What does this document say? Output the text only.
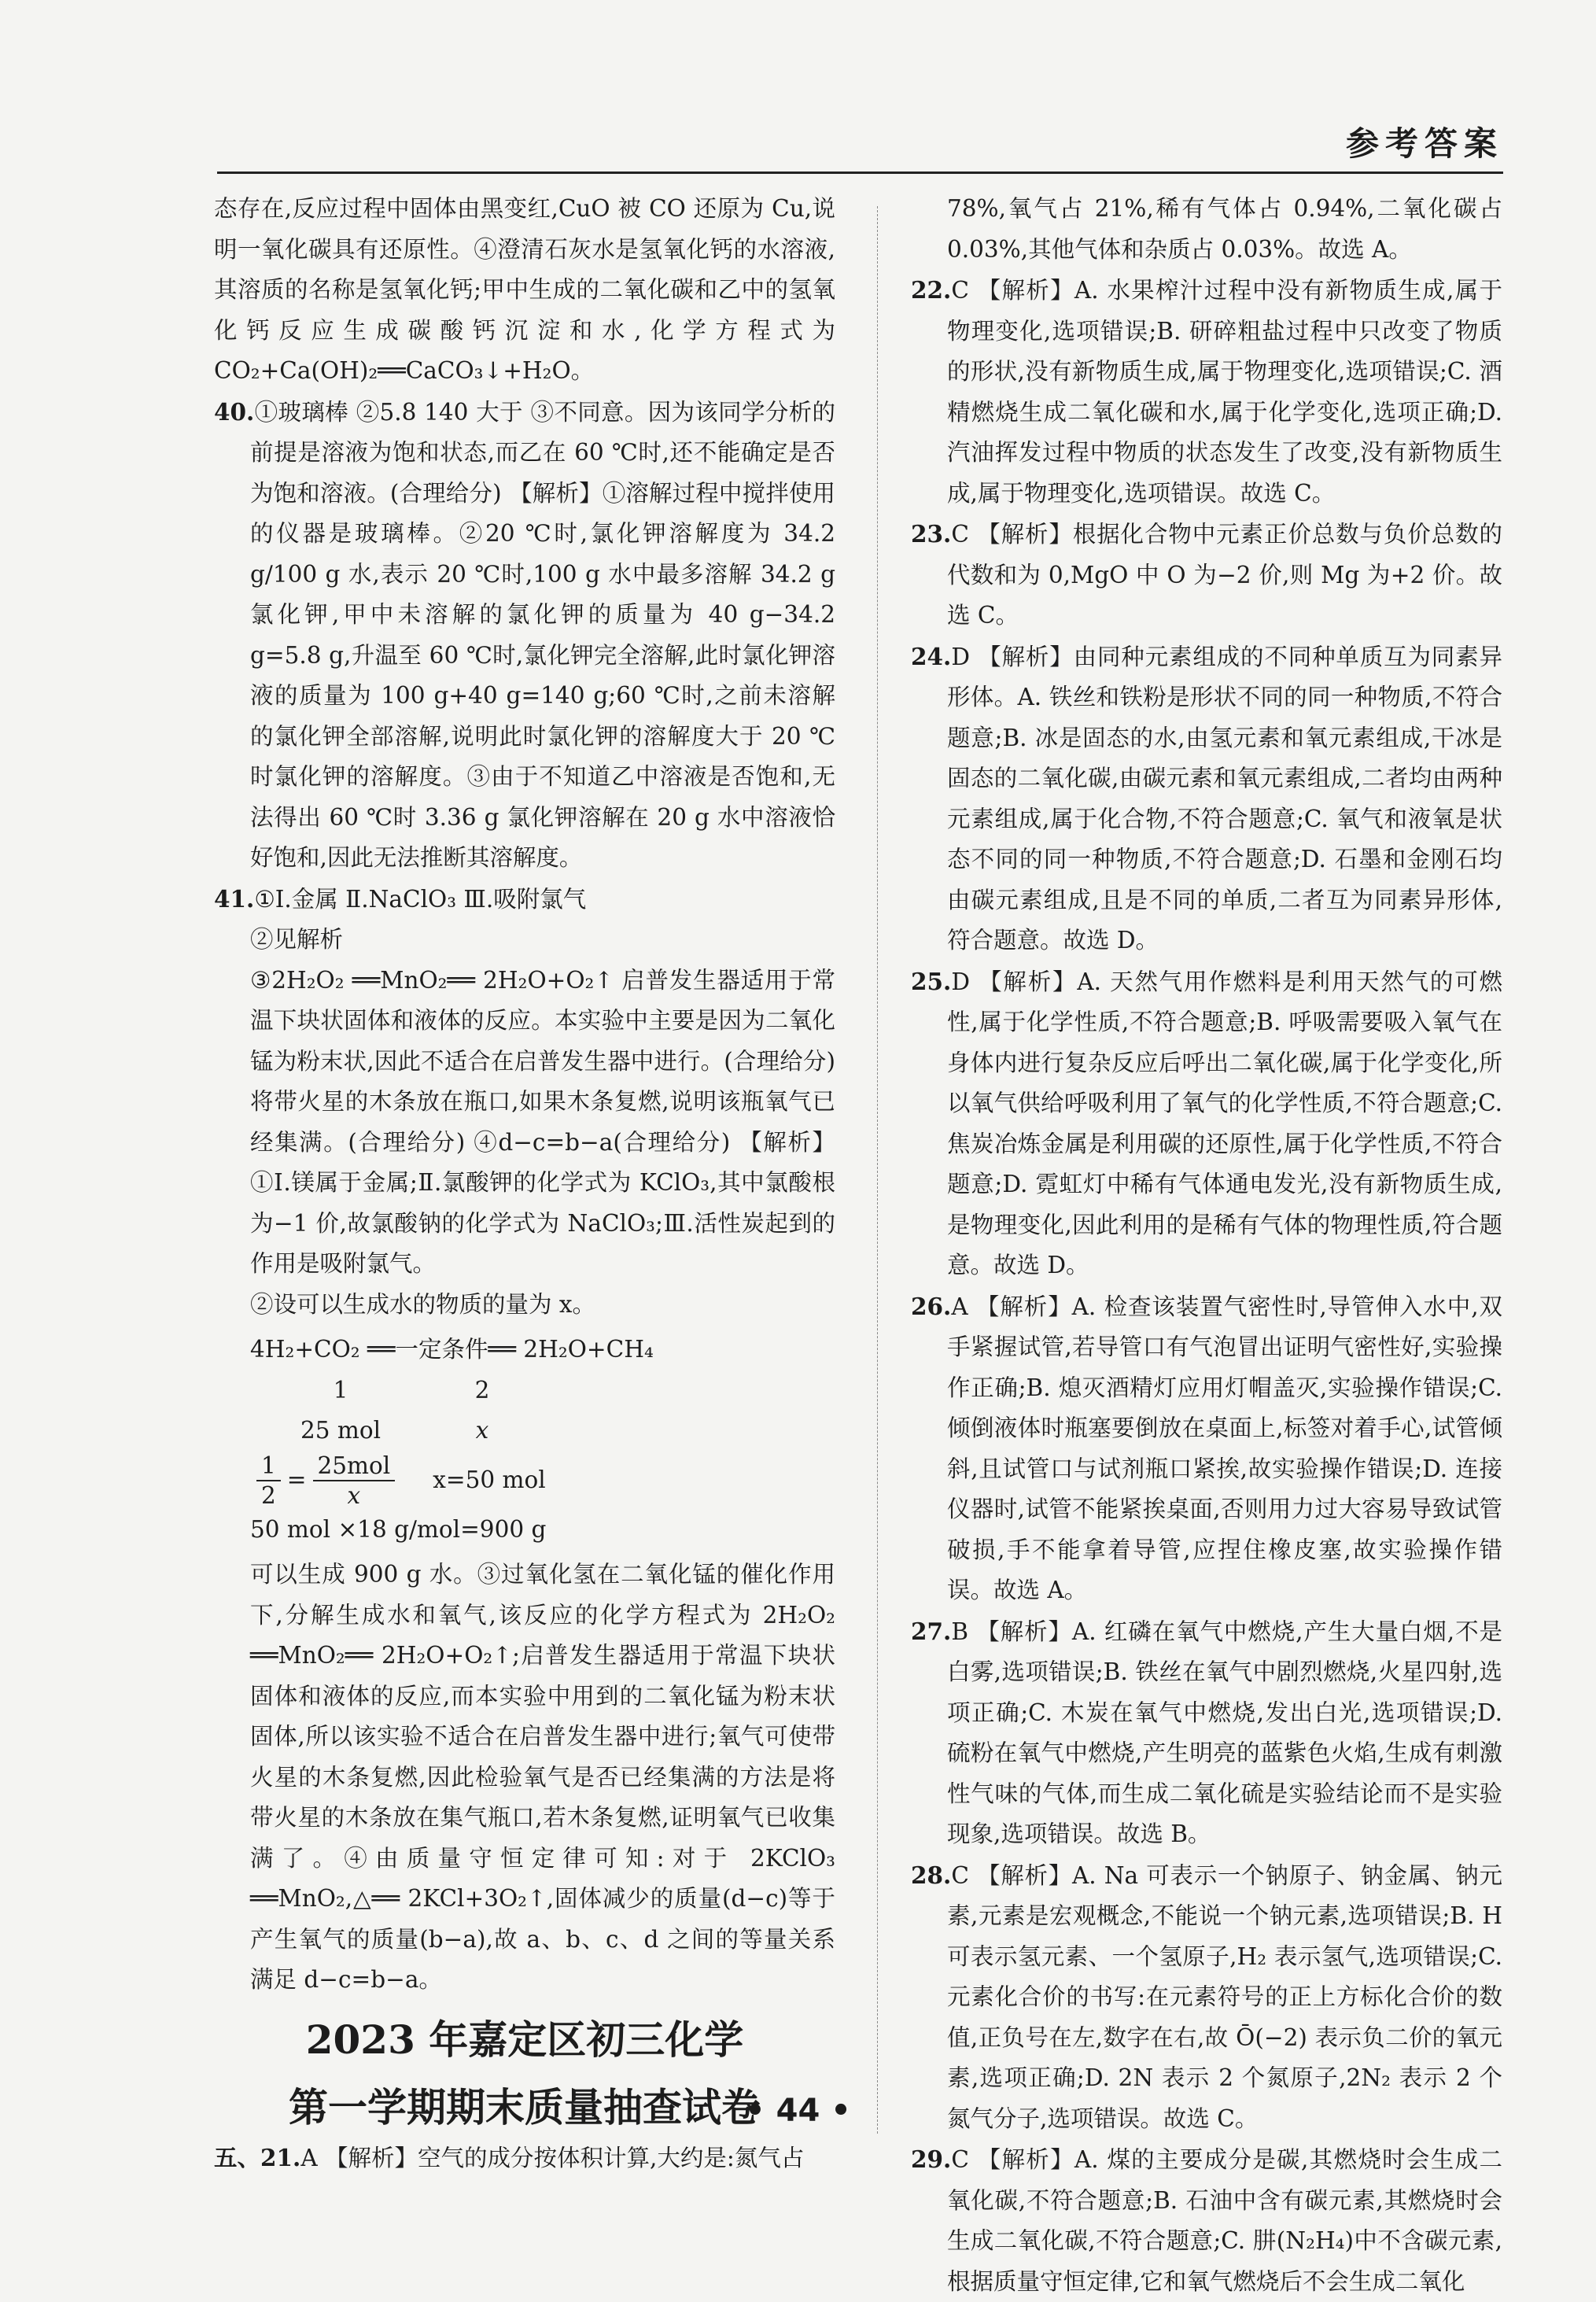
参考答案

态存在,反应过程中固体由黑变红,CuO 被 CO 还原为 Cu,说明一氧化碳具有还原性。④澄清石灰水是氢氧化钙的水溶液,其溶质的名称是氢氧化钙;甲中生成的二氧化碳和乙中的氢氧化钙反应生成碳酸钙沉淀和水,化学方程式为 CO₂+Ca(OH)₂══CaCO₃↓+H₂O。

40.①玻璃棒 ②5.8 140 大于 ③不同意。因为该同学分析的前提是溶液为饱和状态,而乙在 60 ℃时,还不能确定是否为饱和溶液。(合理给分) 【解析】①溶解过程中搅拌使用的仪器是玻璃棒。②20 ℃时,氯化钾溶解度为 34.2 g/100 g 水,表示 20 ℃时,100 g 水中最多溶解 34.2 g 氯化钾,甲中未溶解的氯化钾的质量为 40 g−34.2 g=5.8 g,升温至 60 ℃时,氯化钾完全溶解,此时氯化钾溶液的质量为 100 g+40 g=140 g;60 ℃时,之前未溶解的氯化钾全部溶解,说明此时氯化钾的溶解度大于 20 ℃时氯化钾的溶解度。③由于不知道乙中溶液是否饱和,无法得出 60 ℃时 3.36 g 氯化钾溶解在 20 g 水中溶液恰好饱和,因此无法推断其溶解度。

41.①Ⅰ.金属 Ⅱ.NaClO₃ Ⅲ.吸附氯气

②见解析

③2H₂O₂ ══MnO₂══ 2H₂O+O₂↑ 启普发生器适用于常温下块状固体和液体的反应。本实验中主要是因为二氧化锰为粉末状,因此不适合在启普发生器中进行。(合理给分) 将带火星的木条放在瓶口,如果木条复燃,说明该瓶氧气已经集满。(合理给分) ④d−c=b−a(合理给分) 【解析】①Ⅰ.镁属于金属;Ⅱ.氯酸钾的化学式为 KClO₃,其中氯酸根为−1 价,故氯酸钠的化学式为 NaClO₃;Ⅲ.活性炭起到的作用是吸附氯气。

②设可以生成水的物质的量为 x。

4H₂+CO₂ ══一定条件══ 2H₂O+CH₄
1	2
25 mol	x
$\frac{1}{2} = \frac{\text{25mol}}{x} x=50$ mol
50 mol ×18 g/mol=900 g

可以生成 900 g 水。③过氧化氢在二氧化锰的催化作用下,分解生成水和氧气,该反应的化学方程式为 2H₂O₂ ══MnO₂══ 2H₂O+O₂↑;启普发生器适用于常温下块状固体和液体的反应,而本实验中用到的二氧化锰为粉末状固体,所以该实验不适合在启普发生器中进行;氧气可使带火星的木条复燃,因此检验氧气是否已经集满的方法是将带火星的木条放在集气瓶口,若木条复燃,证明氧气已收集满了。④由质量守恒定律可知:对于 2KClO₃ ══MnO₂,△══ 2KCl+3O₂↑,固体减少的质量(d−c)等于产生氧气的质量(b−a),故 a、b、c、d 之间的等量关系满足 d−c=b−a。

2023 年嘉定区初三化学
第一学期期末质量抽查试卷

五、21.A 【解析】空气的成分按体积计算,大约是:氮气占

78%,氧气占 21%,稀有气体占 0.94%,二氧化碳占 0.03%,其他气体和杂质占 0.03%。故选 A。

22.C 【解析】A. 水果榨汁过程中没有新物质生成,属于物理变化,选项错误;B. 研碎粗盐过程中只改变了物质的形状,没有新物质生成,属于物理变化,选项错误;C. 酒精燃烧生成二氧化碳和水,属于化学变化,选项正确;D. 汽油挥发过程中物质的状态发生了改变,没有新物质生成,属于物理变化,选项错误。故选 C。

23.C 【解析】根据化合物中元素正价总数与负价总数的代数和为 0,MgO 中 O 为−2 价,则 Mg 为+2 价。故选 C。

24.D 【解析】由同种元素组成的不同种单质互为同素异形体。A. 铁丝和铁粉是形状不同的同一种物质,不符合题意;B. 冰是固态的水,由氢元素和氧元素组成,干冰是固态的二氧化碳,由碳元素和氧元素组成,二者均由两种元素组成,属于化合物,不符合题意;C. 氧气和液氧是状态不同的同一种物质,不符合题意;D. 石墨和金刚石均由碳元素组成,且是不同的单质,二者互为同素异形体,符合题意。故选 D。

25.D 【解析】A. 天然气用作燃料是利用天然气的可燃性,属于化学性质,不符合题意;B. 呼吸需要吸入氧气在身体内进行复杂反应后呼出二氧化碳,属于化学变化,所以氧气供给呼吸利用了氧气的化学性质,不符合题意;C. 焦炭冶炼金属是利用碳的还原性,属于化学性质,不符合题意;D. 霓虹灯中稀有气体通电发光,没有新物质生成,是物理变化,因此利用的是稀有气体的物理性质,符合题意。故选 D。

26.A 【解析】A. 检查该装置气密性时,导管伸入水中,双手紧握试管,若导管口有气泡冒出证明气密性好,实验操作正确;B. 熄灭酒精灯应用灯帽盖灭,实验操作错误;C. 倾倒液体时瓶塞要倒放在桌面上,标签对着手心,试管倾斜,且试管口与试剂瓶口紧挨,故实验操作错误;D. 连接仪器时,试管不能紧挨桌面,否则用力过大容易导致试管破损,手不能拿着导管,应捏住橡皮塞,故实验操作错误。故选 A。

27.B 【解析】A. 红磷在氧气中燃烧,产生大量白烟,不是白雾,选项错误;B. 铁丝在氧气中剧烈燃烧,火星四射,选项正确;C. 木炭在氧气中燃烧,发出白光,选项错误;D. 硫粉在氧气中燃烧,产生明亮的蓝紫色火焰,生成有刺激性气味的气体,而生成二氧化硫是实验结论而不是实验现象,选项错误。故选 B。

28.C 【解析】A. Na 可表示一个钠原子、钠金属、钠元素,元素是宏观概念,不能说一个钠元素,选项错误;B. H 可表示氢元素、一个氢原子,H₂ 表示氢气,选项错误;C. 元素化合价的书写:在元素符号的正上方标化合价的数值,正负号在左,数字在右,故 Ō(−2) 表示负二价的氧元素,选项正确;D. 2N 表示 2 个氮原子,2N₂ 表示 2 个氮气分子,选项错误。故选 C。

29.C 【解析】A. 煤的主要成分是碳,其燃烧时会生成二氧化碳,不符合题意;B. 石油中含有碳元素,其燃烧时会生成二氧化碳,不符合题意;C. 肼(N₂H₄)中不含碳元素,根据质量守恒定律,它和氧气燃烧后不会生成二氧化

• 44 •
